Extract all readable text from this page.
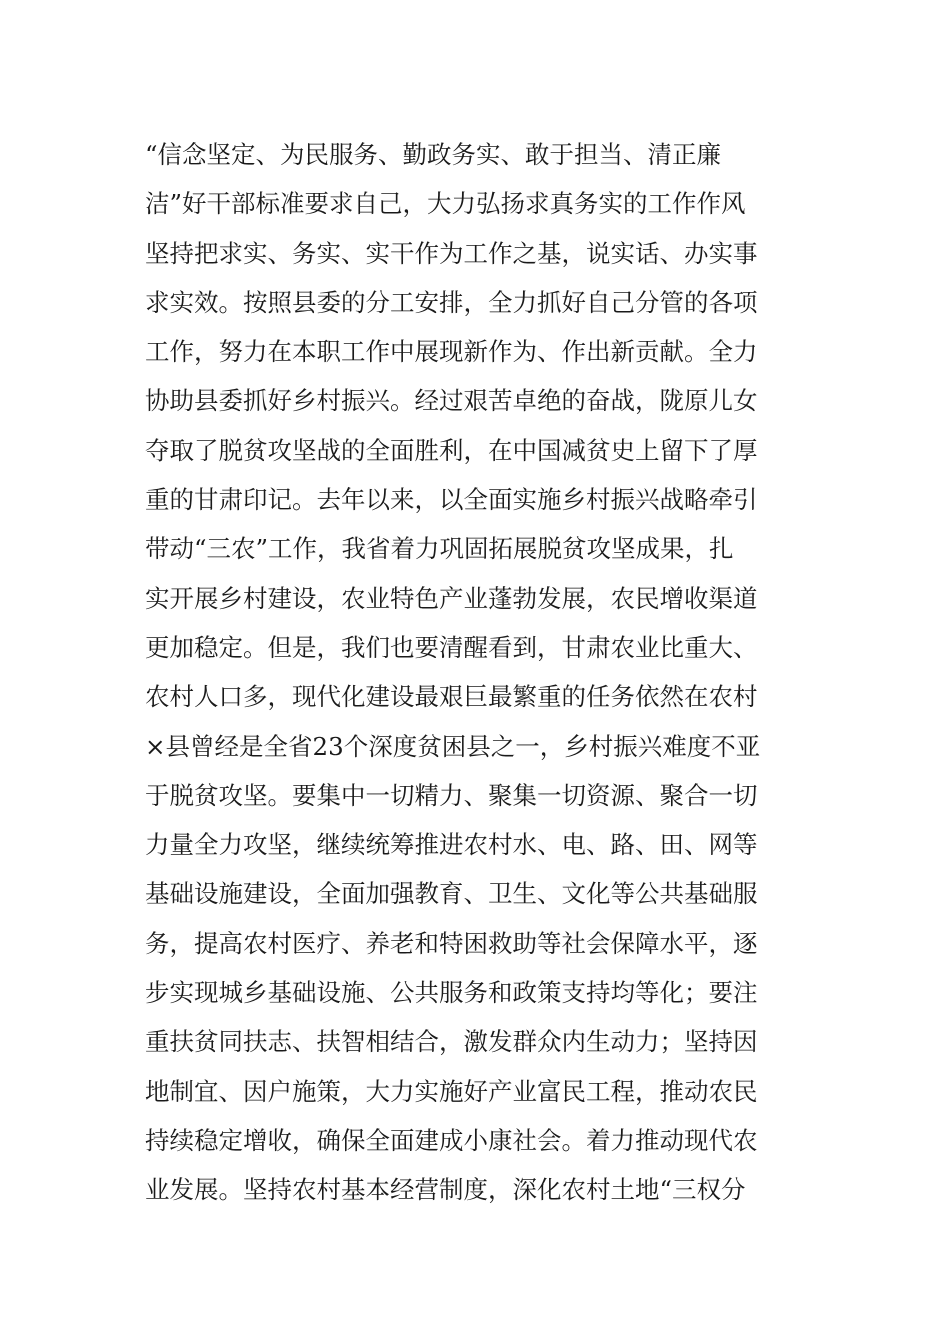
“信念坚定、为民服务、勤政务实、敢于担当、清正廉
洁”好干部标准要求自己，大力弘扬求真务实的工作作风
坚持把求实、务实、实干作为工作之基，说实话、办实事
求实效。按照县委的分工安排，全力抓好自己分管的各项
工作，努力在本职工作中展现新作为、作出新贡献。全力
协助县委抓好乡村振兴。经过艰苦卓绝的奋战，陇原儿女
夺取了脱贫攻坚战的全面胜利，在中国减贫史上留下了厚
重的甘肃印记。去年以来，以全面实施乡村振兴战略牵引
带动“三农”工作，我省着力巩固拓展脱贫攻坚成果，扎
实开展乡村建设，农业特色产业蓬勃发展，农民增收渠道
更加稳定。但是，我们也要清醒看到，甘肃农业比重大、
农村人口多，现代化建设最艰巨最繁重的任务依然在农村
×县曾经是全省23个深度贫困县之一，乡村振兴难度不亚
于脱贫攻坚。要集中一切精力、聚集一切资源、聚合一切
力量全力攻坚，继续统筹推进农村水、电、路、田、网等
基础设施建设，全面加强教育、卫生、文化等公共基础服
务，提高农村医疗、养老和特困救助等社会保障水平，逐
步实现城乡基础设施、公共服务和政策支持均等化；要注
重扶贫同扶志、扶智相结合，激发群众内生动力；坚持因
地制宜、因户施策，大力实施好产业富民工程，推动农民
持续稳定增收，确保全面建成小康社会。着力推动现代农
业发展。坚持农村基本经营制度，深化农村土地“三权分
